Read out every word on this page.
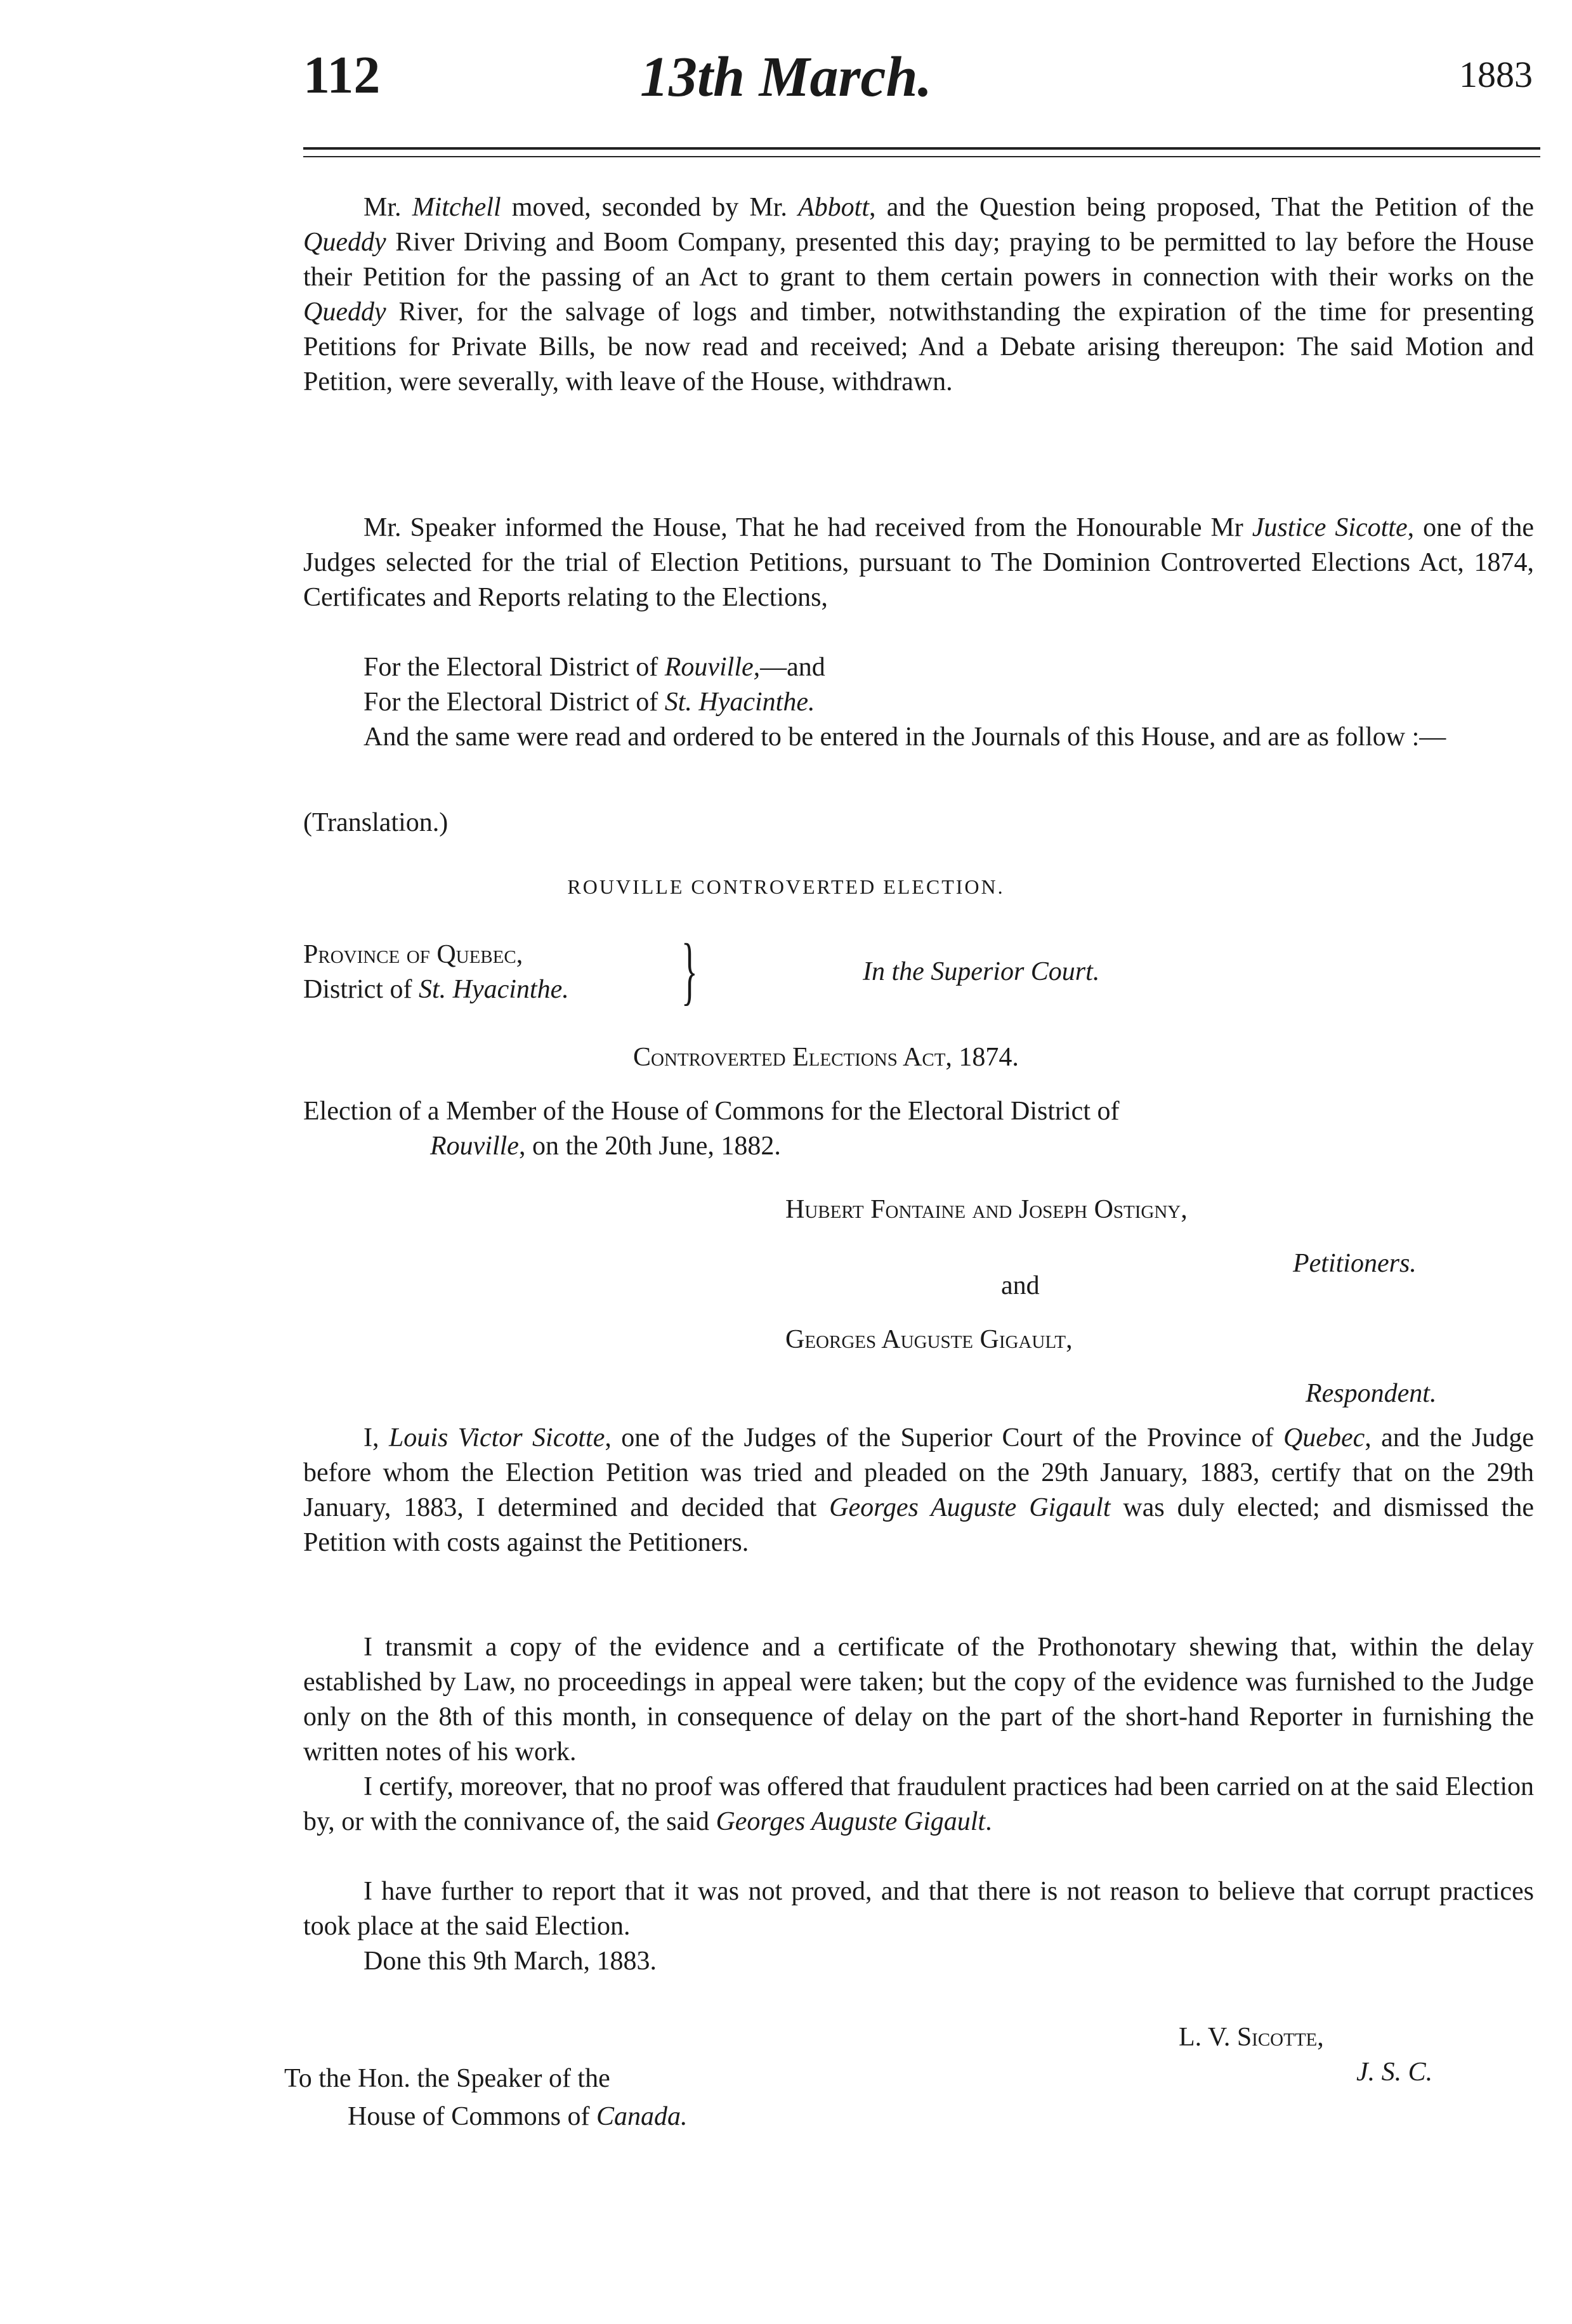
112	13th March.	1883
Mr. Mitchell moved, seconded by Mr. Abbott, and the Question being proposed, That the Petition of the Queddy River Driving and Boom Company, presented this day; praying to be permitted to lay before the House their Petition for the passing of an Act to grant to them certain powers in connection with their works on the Queddy River, for the salvage of logs and timber, notwithstanding the expiration of the time for presenting Petitions for Private Bills, be now read and received; And a Debate arising thereupon: The said Motion and Petition, were severally, with leave of the House, withdrawn.
Mr. Speaker informed the House, That he had received from the Honourable Mr Justice Sicotte, one of the Judges selected for the trial of Election Petitions, pursuant to The Dominion Controverted Elections Act, 1874, Certificates and Reports relating to the Elections,
For the Electoral District of Rouville,—and
For the Electoral District of St. Hyacinthe.
And the same were read and ordered to be entered in the Journals of this House, and are as follow :—
(Translation.)
ROUVILLE CONTROVERTED ELECTION.
Province of Quebec,
District of St. Hyacinthe. }	In the Superior Court.
Controverted Elections Act, 1874.
Election of a Member of the House of Commons for the Electoral District of
Rouville, on the 20th June, 1882.
Hubert Fontaine and Joseph Ostigny,
Petitioners.
and
Georges Auguste Gigault,
Respondent.
I, Louis Victor Sicotte, one of the Judges of the Superior Court of the Province of Quebec, and the Judge before whom the Election Petition was tried and pleaded on the 29th January, 1883, certify that on the 29th January, 1883, I determined and decided that Georges Auguste Gigault was duly elected; and dismissed the Petition with costs against the Petitioners.
I transmit a copy of the evidence and a certificate of the Prothonotary shewing that, within the delay established by Law, no proceedings in appeal were taken; but the copy of the evidence was furnished to the Judge only on the 8th of this month, in consequence of delay on the part of the short-hand Reporter in furnishing the written notes of his work.
I certify, moreover, that no proof was offered that fraudulent practices had been carried on at the said Election by, or with the connivance of, the said Georges Auguste Gigault.
I have further to report that it was not proved, and that there is not reason to believe that corrupt practices took place at the said Election.
Done this 9th March, 1883.
L. V. Sicotte,
J. S. C.
To the Hon. the Speaker of the
House of Commons of Canada.
